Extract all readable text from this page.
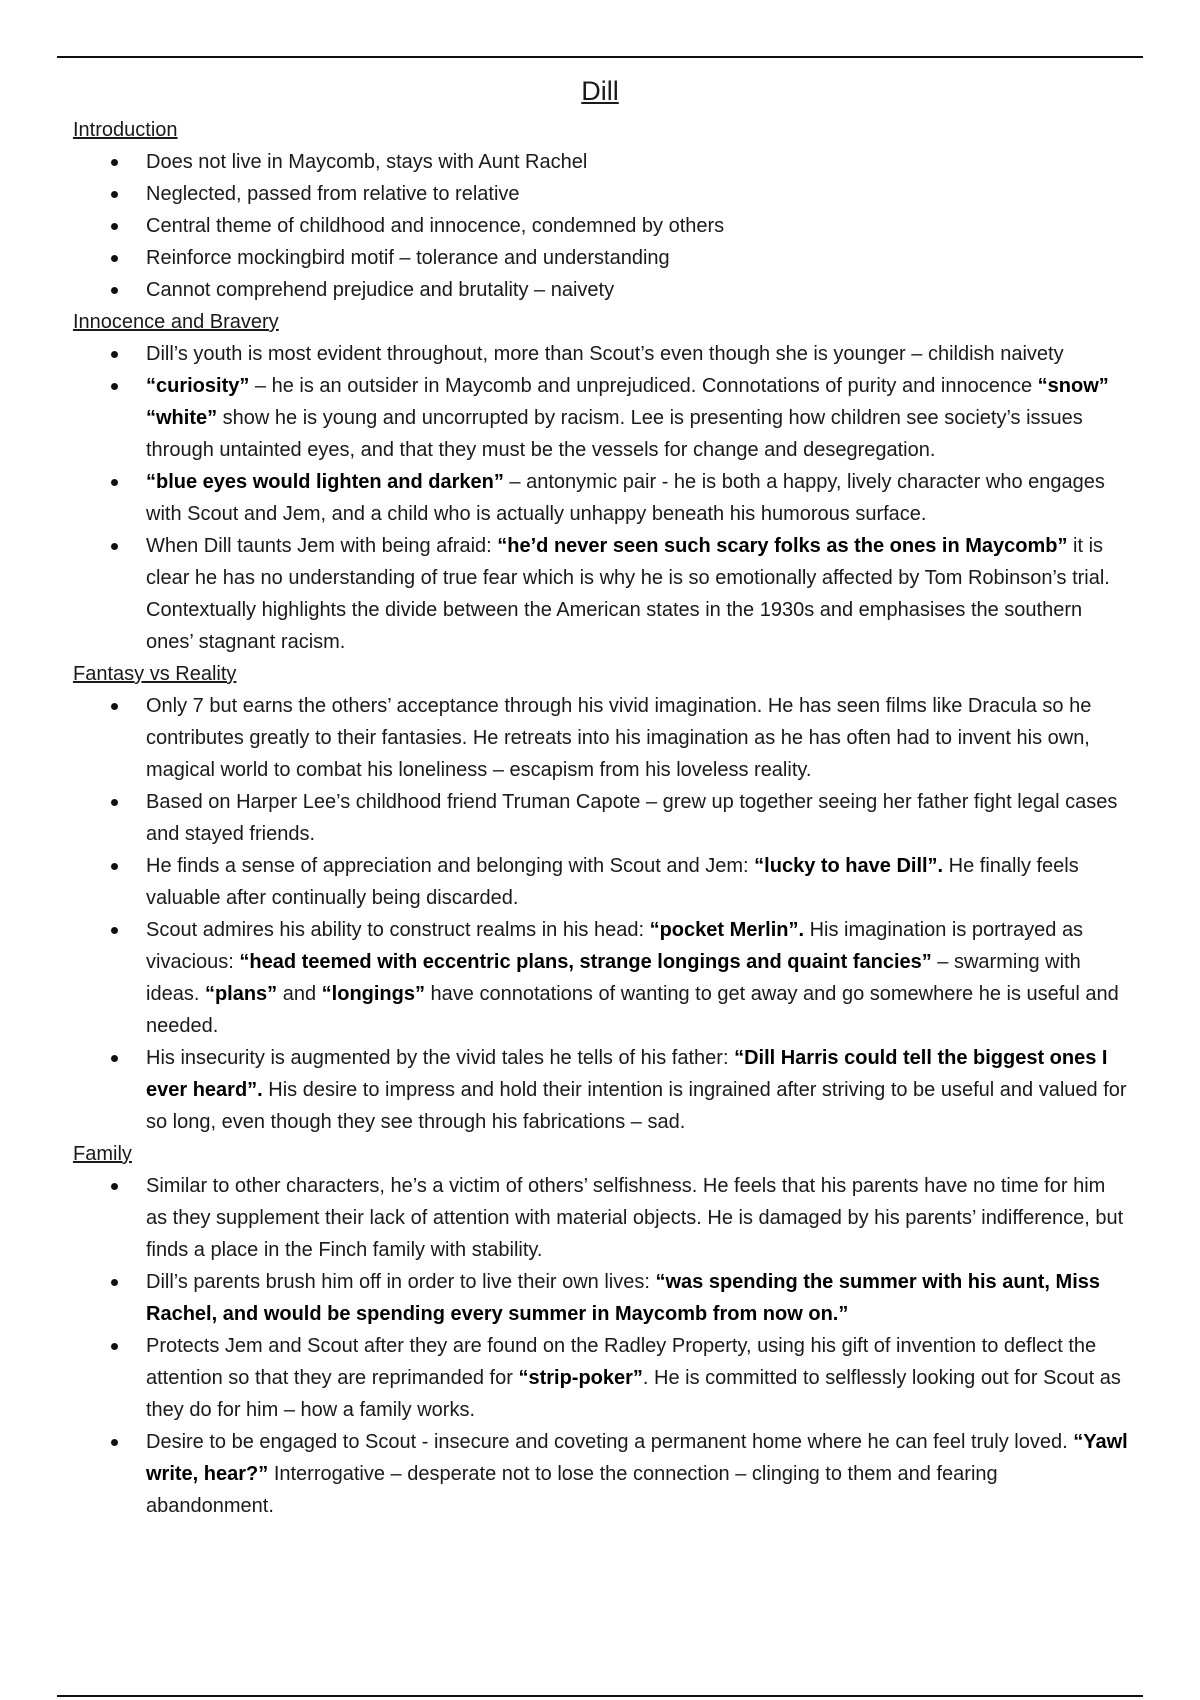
Dill
Introduction
Does not live in Maycomb, stays with Aunt Rachel
Neglected, passed from relative to relative
Central theme of childhood and innocence, condemned by others
Reinforce mockingbird motif – tolerance and understanding
Cannot comprehend prejudice and brutality – naivety
Innocence and Bravery
Dill’s youth is most evident throughout, more than Scout’s even though she is younger – childish naivety
“curiosity” – he is an outsider in Maycomb and unprejudiced. Connotations of purity and innocence “snow” “white” show he is young and uncorrupted by racism. Lee is presenting how children see society’s issues through untainted eyes, and that they must be the vessels for change and desegregation.
“blue eyes would lighten and darken” – antonymic pair - he is both a happy, lively character who engages with Scout and Jem, and a child who is actually unhappy beneath his humorous surface.
When Dill taunts Jem with being afraid: “he’d never seen such scary folks as the ones in Maycomb” it is clear he has no understanding of true fear which is why he is so emotionally affected by Tom Robinson’s trial. Contextually highlights the divide between the American states in the 1930s and emphasises the southern ones’ stagnant racism.
Fantasy vs Reality
Only 7 but earns the others’ acceptance through his vivid imagination. He has seen films like Dracula so he contributes greatly to their fantasies. He retreats into his imagination as he has often had to invent his own, magical world to combat his loneliness – escapism from his loveless reality.
Based on Harper Lee’s childhood friend Truman Capote – grew up together seeing her father fight legal cases and stayed friends.
He finds a sense of appreciation and belonging with Scout and Jem: “lucky to have Dill”. He finally feels valuable after continually being discarded.
Scout admires his ability to construct realms in his head: “pocket Merlin”. His imagination is portrayed as vivacious: “head teemed with eccentric plans, strange longings and quaint fancies” – swarming with ideas. “plans” and “longings” have connotations of wanting to get away and go somewhere he is useful and needed.
His insecurity is augmented by the vivid tales he tells of his father: “Dill Harris could tell the biggest ones I ever heard”. His desire to impress and hold their intention is ingrained after striving to be useful and valued for so long, even though they see through his fabrications – sad.
Family
Similar to other characters, he’s a victim of others’ selfishness. He feels that his parents have no time for him as they supplement their lack of attention with material objects. He is damaged by his parents’ indifference, but finds a place in the Finch family with stability.
Dill’s parents brush him off in order to live their own lives: “was spending the summer with his aunt, Miss Rachel, and would be spending every summer in Maycomb from now on.”
Protects Jem and Scout after they are found on the Radley Property, using his gift of invention to deflect the attention so that they are reprimanded for “strip-poker”. He is committed to selflessly looking out for Scout as they do for him – how a family works.
Desire to be engaged to Scout - insecure and coveting a permanent home where he can feel truly loved. “Yawl write, hear?” Interrogative – desperate not to lose the connection – clinging to them and fearing abandonment.
